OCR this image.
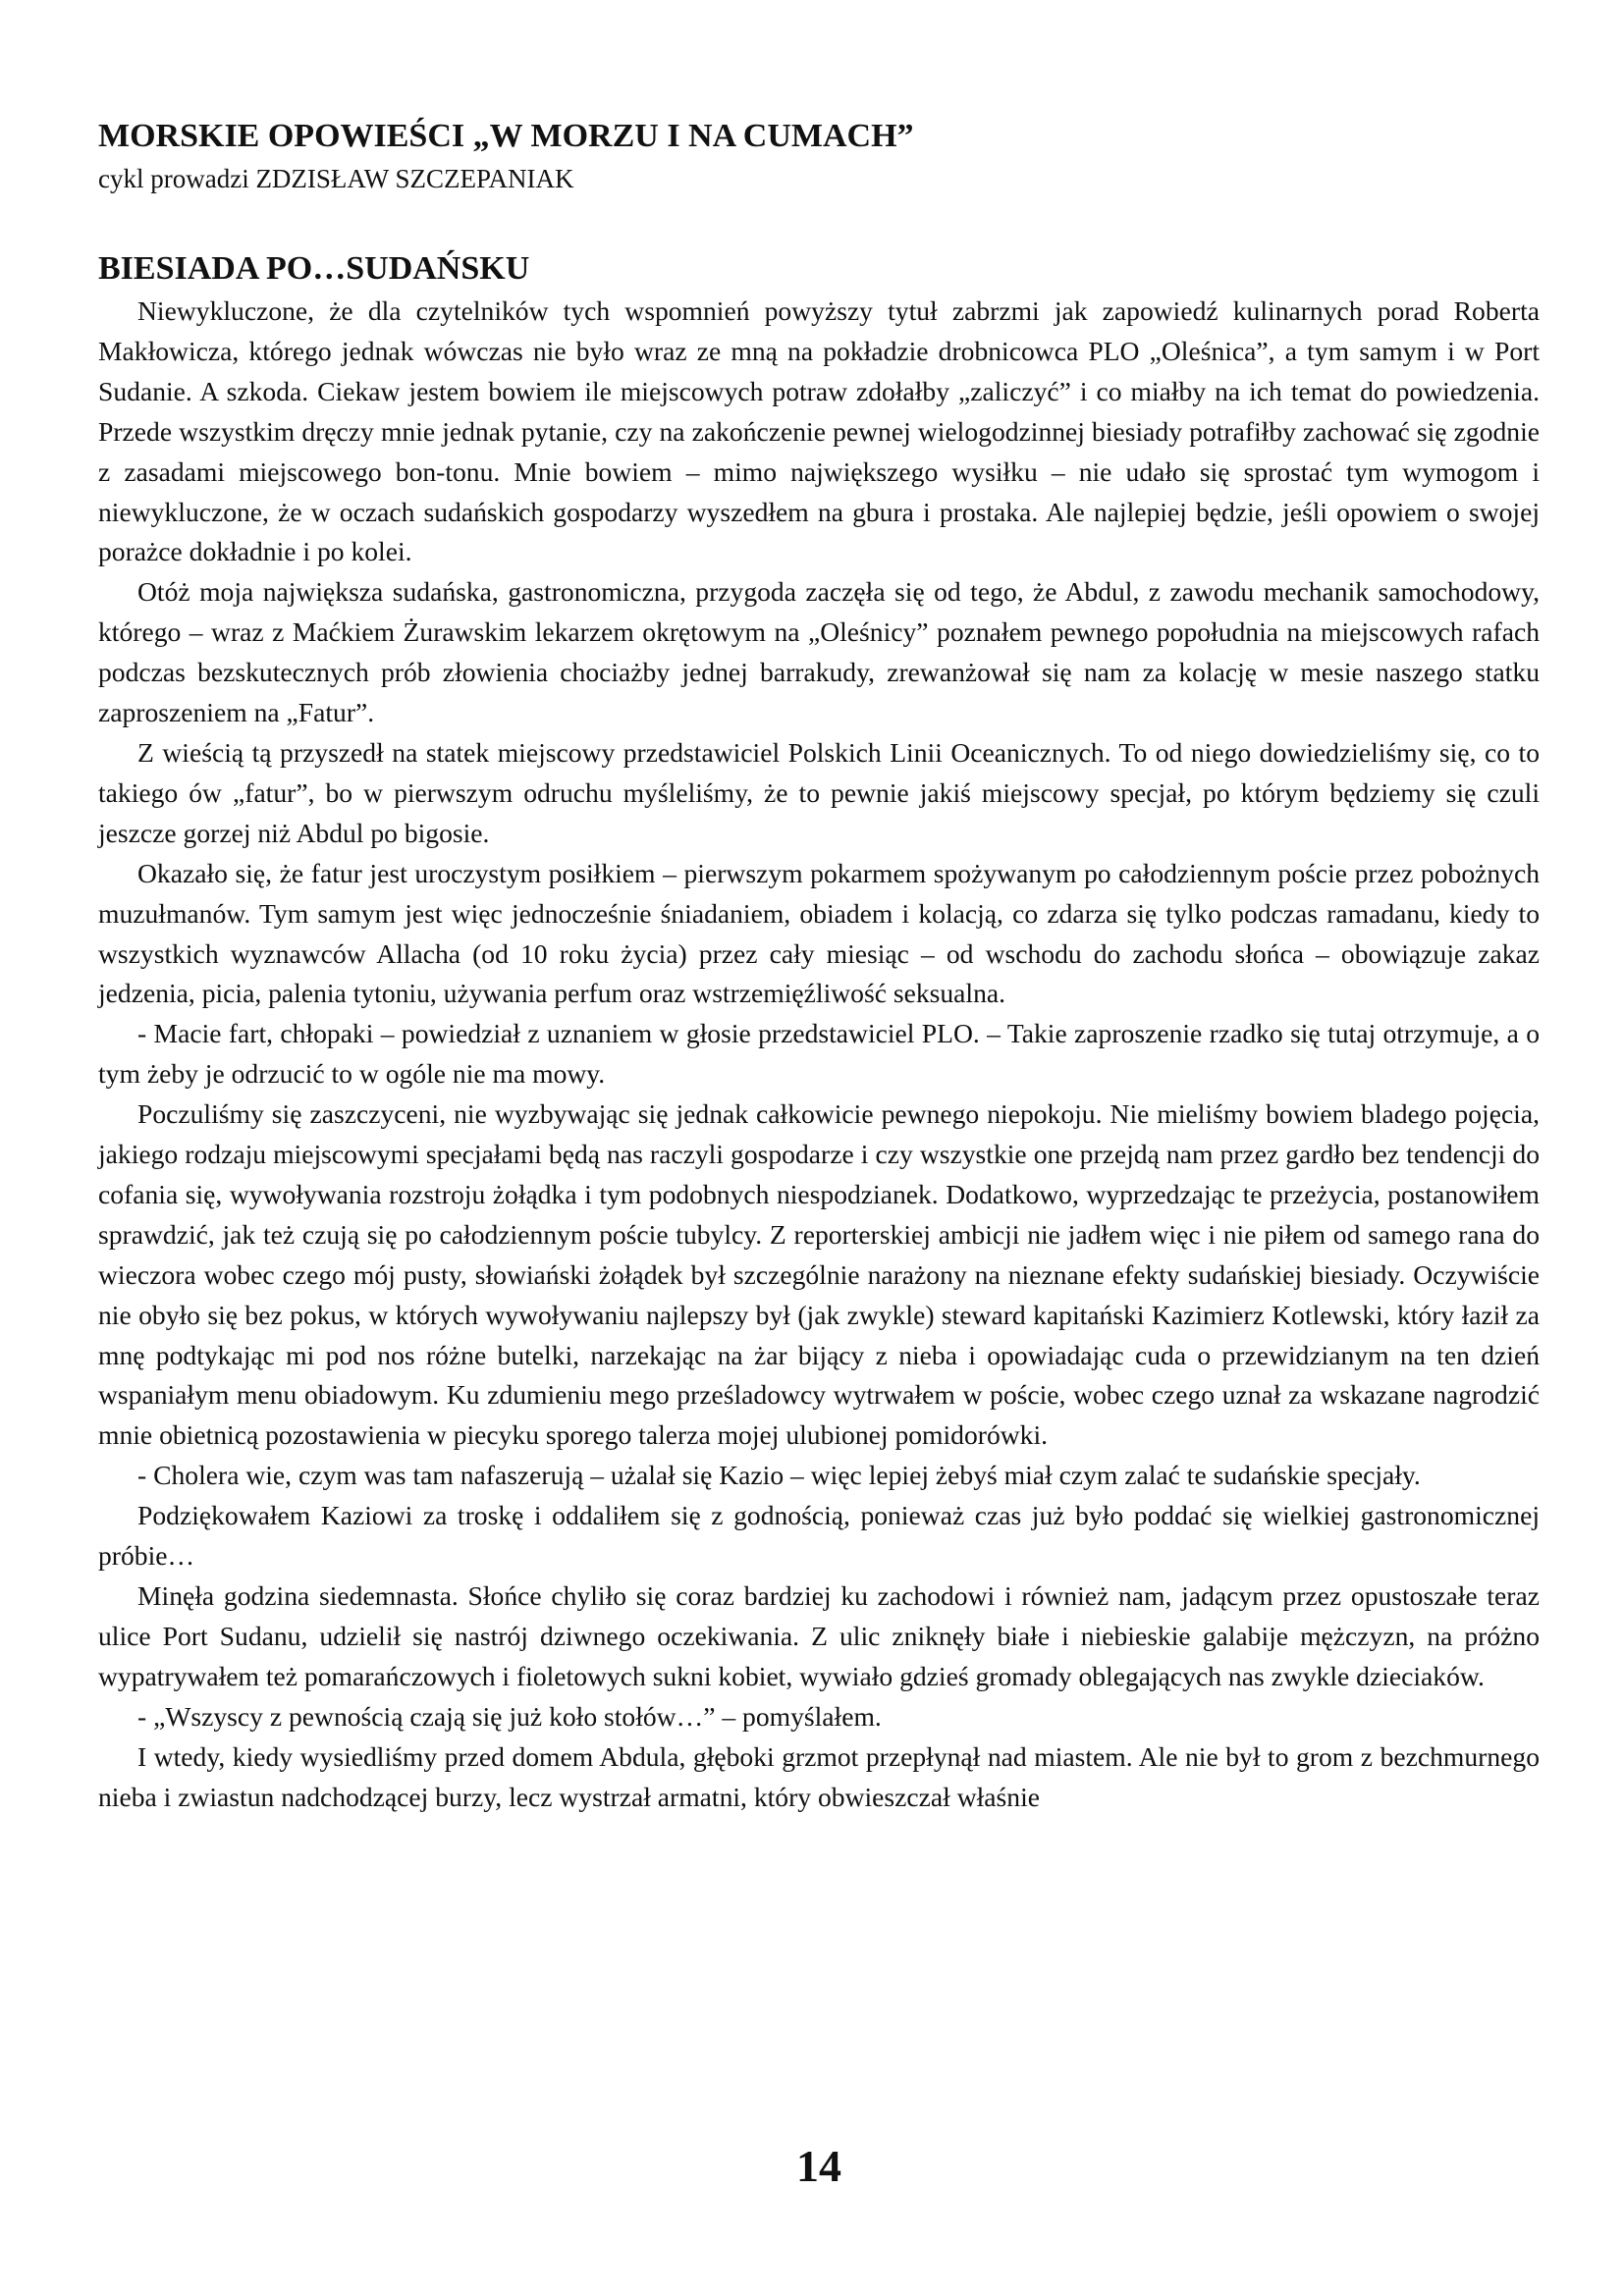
MORSKIE OPOWIEŚCI „W MORZU I NA CUMACH”
cykl prowadzi ZDZISŁAW SZCZEPANIAK
BIESIADA PO…SUDAŃSKU

Niewykluczone, że dla czytelników tych wspomnień powyższy tytuł zabrzmi jak zapowiedź kulinarnych porad Roberta Makłowicza, którego jednak wówczas nie było wraz ze mną na pokładzie drobnicowca PLO „Oleśnica”, a tym samym i w Port Sudanie. A szkoda. Ciekaw jestem bowiem ile miejscowych potraw zdołałby „zaliczyć” i co miałby na ich temat do powiedzenia. Przede wszystkim dręczy mnie jednak pytanie, czy na zakończenie pewnej wielogodzinnej biesiady potrafiłby zachować się zgodnie z zasadami miejscowego bon-tonu. Mnie bowiem – mimo największego wysiłku – nie udało się sprostać tym wymogom i niewykluczone, że w oczach sudańskich gospodarzy wyszedłem na gbura i prostaka. Ale najlepiej będzie, jeśli opowiem o swojej porażce dokładnie i po kolei.

Otóż moja największa sudańska, gastronomiczna, przygoda zaczęła się od tego, że Abdul, z zawodu mechanik samochodowy, którego – wraz z Maćkiem Żurawskim lekarzem okrętowym na „Oleśnicy” poznałem pewnego popołudnia na miejscowych rafach podczas bezskutecznych prób złowienia chociażby jednej barrakudy, zrewanżował się nam za kolację w mesie naszego statku zaproszeniem na „Fatur”.

Z wieścią tą przyszedł na statek miejscowy przedstawiciel Polskich Linii Oceanicznych. To od niego dowiedzieliśmy się, co to takiego ów „fatur”, bo w pierwszym odruchu myśleliśmy, że to pewnie jakiś miejscowy specjał, po którym będziemy się czuli jeszcze gorzej niż Abdul po bigosie.

Okazało się, że fatur jest uroczystym posiłkiem – pierwszym pokarmem spożywanym po całodziennym poście przez pobożnych muzułmanów. Tym samym jest więc jednocześnie śniadaniem, obiadem i kolacją, co zdarza się tylko podczas ramadanu, kiedy to wszystkich wyznawców Allacha (od 10 roku życia) przez cały miesiąc – od wschodu do zachodu słońca – obowiązuje zakaz jedzenia, picia, palenia tytoniu, używania perfum oraz wstrzemięźliwość seksualna.

- Macie fart, chłopaki – powiedział z uznaniem w głosie przedstawiciel PLO. – Takie zaproszenie rzadko się tutaj otrzymuje, a o tym żeby je odrzucić to w ogóle nie ma mowy.

Poczuliśmy się zaszczyceni, nie wyzbywając się jednak całkowicie pewnego niepokoju. Nie mieliśmy bowiem bladego pojęcia, jakiego rodzaju miejscowymi specjałami będą nas raczyli gospodarze i czy wszystkie one przejdą nam przez gardło bez tendencji do cofania się, wywoływania rozstroju żołądka i tym podobnych niespodzianek. Dodatkowo, wyprzedzając te przeżycia, postanowiłem sprawdzić, jak też czują się po całodziennym poście tubylcy. Z reporterskiej ambicji nie jadłem więc i nie piłem od samego rana do wieczora wobec czego mój pusty, słowiański żołądek był szczególnie narażony na nieznane efekty sudańskiej biesiady. Oczywiście nie obyło się bez pokus, w których wywoływaniu najlepszy był (jak zwykle) steward kapitański Kazimierz Kotlewski, który łaził za mnę podtykając mi pod nos różne butelki, narzekając na żar bijący z nieba i opowiadając cuda o przewidzianym na ten dzień wspaniałym menu obiadowym. Ku zdumieniu mego prześladowcy wytrwałem w poście, wobec czego uznał za wskazane nagrodzić mnie obietnicą pozostawienia w piecyku sporego talerza mojej ulubionej pomidorówki.

- Cholera wie, czym was tam nafaszerują – użalał się Kazio – więc lepiej żebyś miał czym zalać te sudańskie specjały.

Podziękowałem Kaziowi za troskę i oddaliłem się z godnością, ponieważ czas już było poddać się wielkiej gastronomicznej próbie…

Minęła godzina siedemnasta. Słońce chyliło się coraz bardziej ku zachodowi i również nam, jadącym przez opustoszałe teraz ulice Port Sudanu, udzielił się nastrój dziwnego oczekiwania. Z ulic zniknęły białe i niebieskie galabije mężczyzn, na próżno wypatrywałem też pomarańczowych i fioletowych sukni kobiet, wywiało gdzieś gromady oblegających nas zwykle dzieciaków.

- „Wszyscy z pewnością czają się już koło stołów…” – pomyślałem.

I wtedy, kiedy wysiedliśmy przed domem Abdula, głęboki grzmot przepłynął nad miastem. Ale nie był to grom z bezchmurnego nieba i zwiastun nadchodzącej burzy, lecz wystrzał armatni, który obwieszczał właśnie

14
